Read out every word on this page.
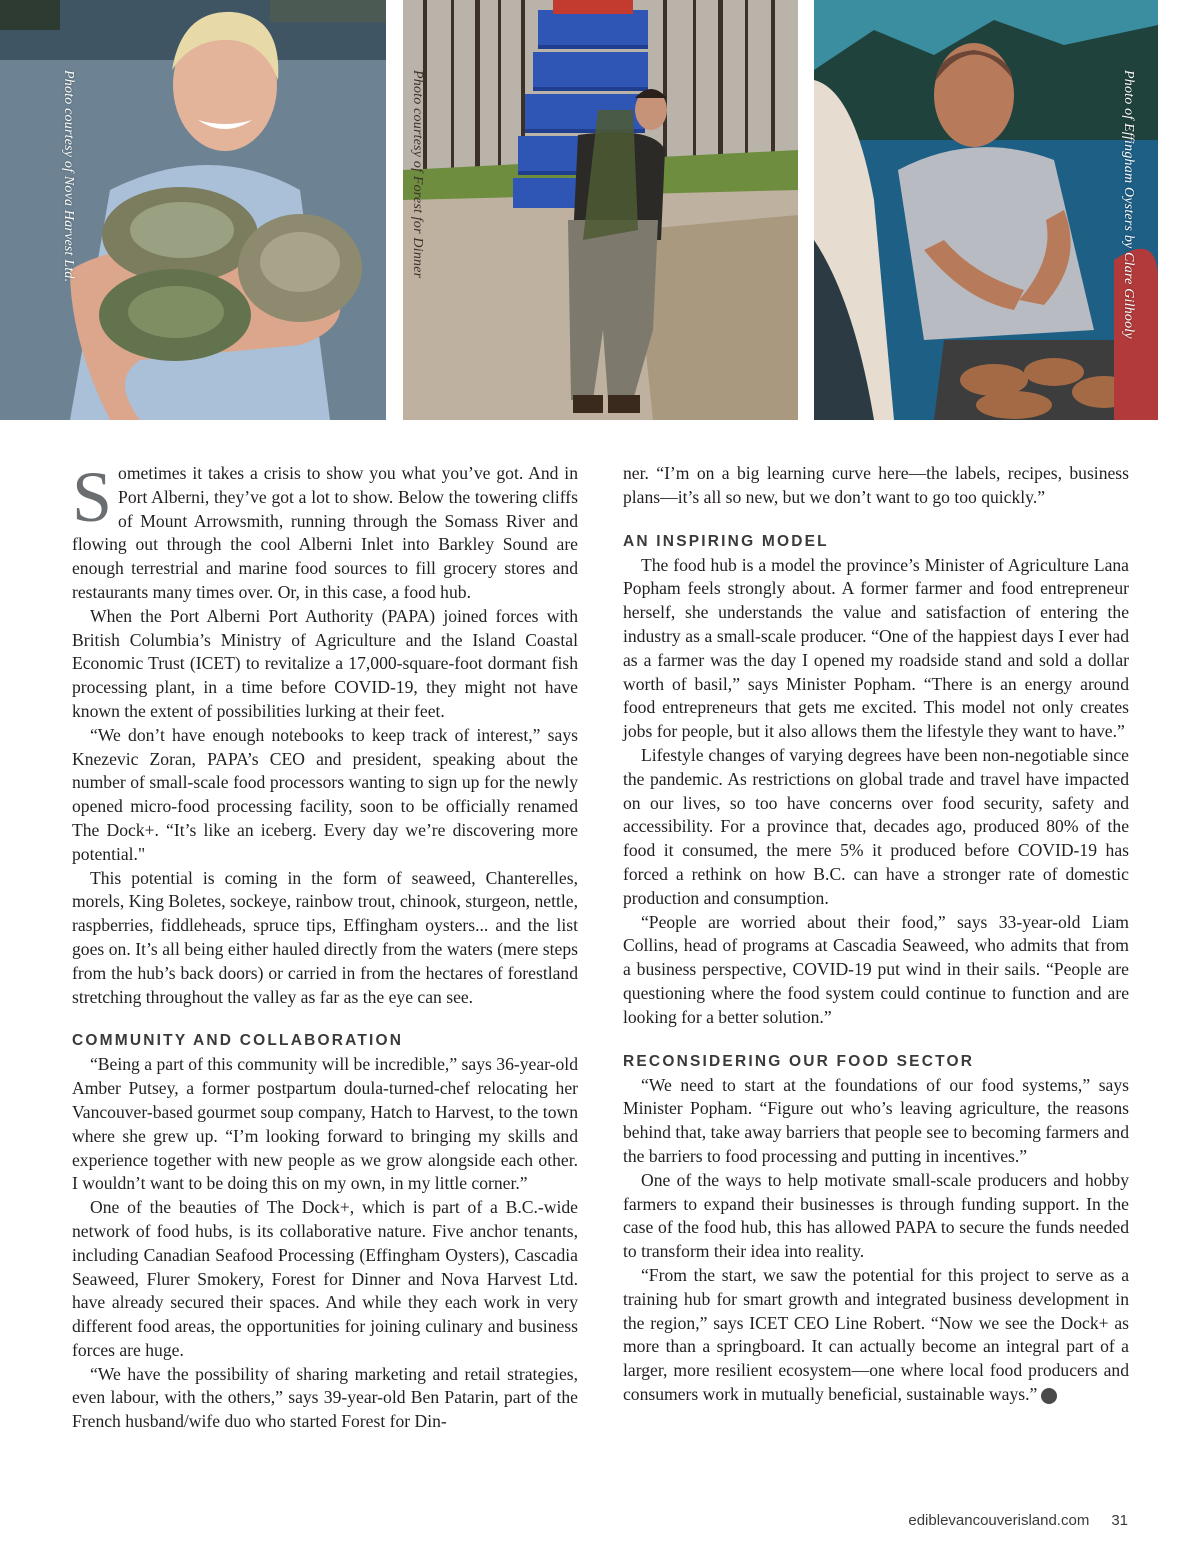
Photo courtesy of Nova Harvest Ltd.	Photo courtesy of Forest for Dinner	Photo of Effingham Oysters by Clare Gilhooly

Sometimes it takes a crisis to show you what you’ve got. And in Port Alberni, they’ve got a lot to show. Below the towering cliffs of Mount Arrowsmith, running through the Somass River and flowing out through the cool Alberni Inlet into Barkley Sound are enough terrestrial and marine food sources to fill grocery stores and restaurants many times over. Or, in this case, a food hub.

When the Port Alberni Port Authority (PAPA) joined forces with British Columbia’s Ministry of Agriculture and the Island Coastal Economic Trust (ICET) to revitalize a 17,000-square-foot dormant fish processing plant, in a time before COVID-19, they might not have known the extent of possibilities lurking at their feet.

“We don’t have enough notebooks to keep track of interest,” says Knezevic Zoran, PAPA’s CEO and president, speaking about the number of small-scale food processors wanting to sign up for the newly opened micro-food processing facility, soon to be officially renamed The Dock+. “It’s like an iceberg. Every day we’re discovering more potential."

This potential is coming in the form of seaweed, Chanterelles, morels, King Boletes, sockeye, rainbow trout, chinook, sturgeon, nettle, raspberries, fiddleheads, spruce tips, Effingham oysters... and the list goes on. It’s all being either hauled directly from the waters (mere steps from the hub’s back doors) or carried in from the hectares of forestland stretching throughout the valley as far as the eye can see.

COMMUNITY AND COLLABORATION

“Being a part of this community will be incredible,” says 36-year-old Amber Putsey, a former postpartum doula-turned-chef relocating her Vancouver-based gourmet soup company, Hatch to Harvest, to the town where she grew up. “I’m looking forward to bringing my skills and experience together with new people as we grow alongside each other. I wouldn’t want to be doing this on my own, in my little corner.”

One of the beauties of The Dock+, which is part of a B.C.-wide network of food hubs, is its collaborative nature. Five anchor tenants, including Canadian Seafood Processing (Effingham Oysters), Cascadia Seaweed, Flurer Smokery, Forest for Dinner and Nova Harvest Ltd. have already secured their spaces. And while they each work in very different food areas, the opportunities for joining culinary and business forces are huge.

“We have the possibility of sharing marketing and retail strategies, even labour, with the others,” says 39-year-old Ben Patarin, part of the French husband/wife duo who started Forest for Din-

ner. “I’m on a big learning curve here—the labels, recipes, business plans—it’s all so new, but we don’t want to go too quickly.”

AN INSPIRING MODEL

The food hub is a model the province’s Minister of Agriculture Lana Popham feels strongly about. A former farmer and food entrepreneur herself, she understands the value and satisfaction of entering the industry as a small-scale producer. “One of the happiest days I ever had as a farmer was the day I opened my roadside stand and sold a dollar worth of basil,” says Minister Popham. “There is an energy around food entrepreneurs that gets me excited. This model not only creates jobs for people, but it also allows them the lifestyle they want to have.”

Lifestyle changes of varying degrees have been non-negotiable since the pandemic. As restrictions on global trade and travel have impacted on our lives, so too have concerns over food security, safety and accessibility. For a province that, decades ago, produced 80% of the food it consumed, the mere 5% it produced before COVID-19 has forced a rethink on how B.C. can have a stronger rate of domestic production and consumption.

“People are worried about their food,” says 33-year-old Liam Collins, head of programs at Cascadia Seaweed, who admits that from a business perspective, COVID-19 put wind in their sails. “People are questioning where the food system could continue to function and are looking for a better solution.”

RECONSIDERING OUR FOOD SECTOR

“We need to start at the foundations of our food systems,” says Minister Popham. “Figure out who’s leaving agriculture, the reasons behind that, take away barriers that people see to becoming farmers and the barriers to food processing and putting in incentives.”

One of the ways to help motivate small-scale producers and hobby farmers to expand their businesses is through funding support. In the case of the food hub, this has allowed PAPA to secure the funds needed to transform their idea into reality.

“From the start, we saw the potential for this project to serve as a training hub for smart growth and integrated business development in the region,” says ICET CEO Line Robert. “Now we see the Dock+ as more than a springboard. It can actually become an integral part of a larger, more resilient ecosystem—one where local food producers and consumers work in mutually beneficial, sustainable ways.” e

ediblevancouverisland.com 31
